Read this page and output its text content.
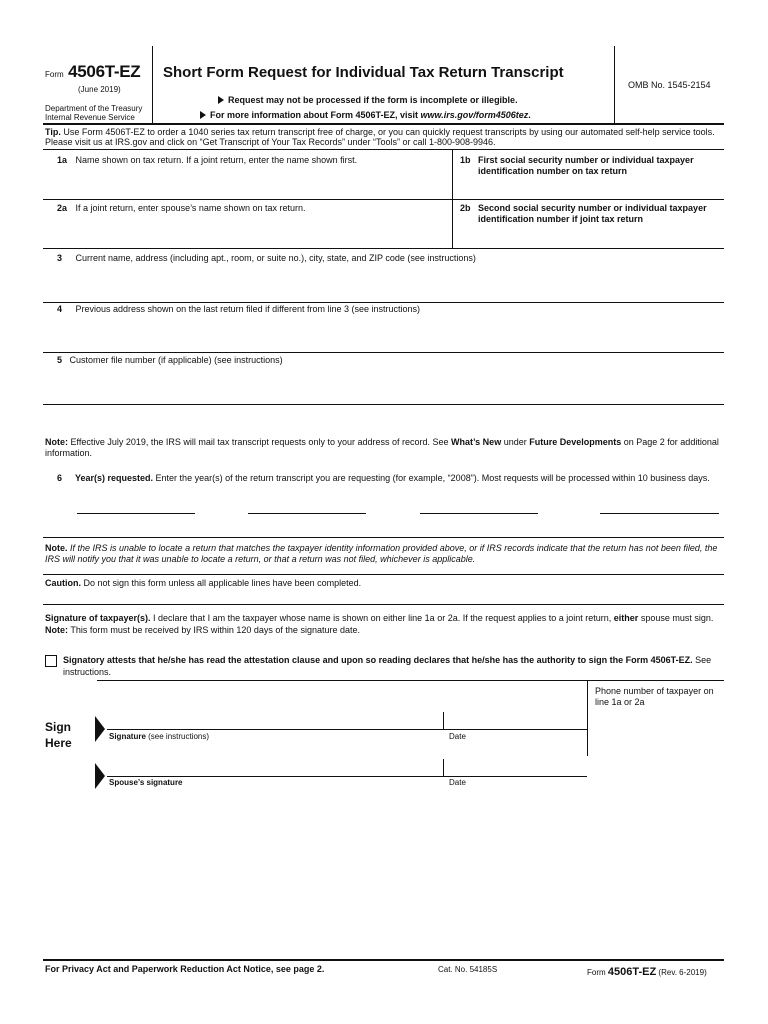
Form 4506T-EZ
(June 2019)
Department of the Treasury
Internal Revenue Service
Short Form Request for Individual Tax Return Transcript
Request may not be processed if the form is incomplete or illegible.
For more information about Form 4506T-EZ, visit www.irs.gov/form4506tez.
OMB No. 1545-2154
Tip. Use Form 4506T-EZ to order a 1040 series tax return transcript free of charge, or you can quickly request transcripts by using our automated self-help service tools. Please visit us at IRS.gov and click on “Get Transcript of Your Tax Records” under “Tools” or call 1-800-908-9946.
1a Name shown on tax return. If a joint return, enter the name shown first.	1b First social security number or individual taxpayer identification number on tax return
2a If a joint return, enter spouse’s name shown on tax return.	2b Second social security number or individual taxpayer identification number if joint tax return
3 Current name, address (including apt., room, or suite no.), city, state, and ZIP code (see instructions)
4 Previous address shown on the last return filed if different from line 3 (see instructions)
5 Customer file number (if applicable) (see instructions)
Note: Effective July 2019, the IRS will mail tax transcript requests only to your address of record. See What’s New under Future Developments on Page 2 for additional information.
6 Year(s) requested. Enter the year(s) of the return transcript you are requesting (for example, “2008”). Most requests will be processed within 10 business days.
Note. If the IRS is unable to locate a return that matches the taxpayer identity information provided above, or if IRS records indicate that the return has not been filed, the IRS will notify you that it was unable to locate a return, or that a return was not filed, whichever is applicable.
Caution. Do not sign this form unless all applicable lines have been completed.
Signature of taxpayer(s). I declare that I am the taxpayer whose name is shown on either line 1a or 2a. If the request applies to a joint return, either spouse must sign. Note: This form must be received by IRS within 120 days of the signature date.
Signatory attests that he/she has read the attestation clause and upon so reading declares that he/she has the authority to sign the Form 4506T-EZ. See instructions.
Phone number of taxpayer on line 1a or 2a
Sign
Here	Signature (see instructions)	Date
Spouse’s signature	Date
For Privacy Act and Paperwork Reduction Act Notice, see page 2.	Cat. No. 54185S	Form 4506T-EZ (Rev. 6-2019)
